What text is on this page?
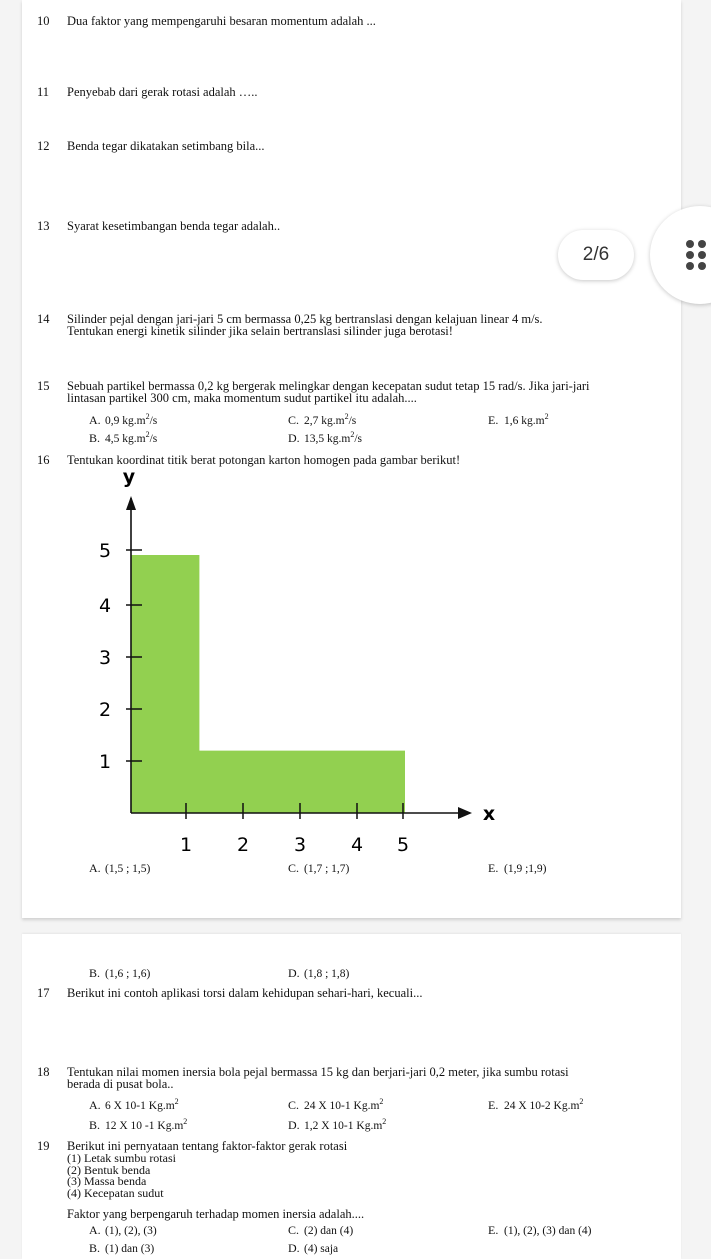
10 Dua faktor yang mempengaruhi besaran momentum adalah ...
11 Penyebab dari gerak rotasi adalah …..
12 Benda tegar dikatakan setimbang bila...
13 Syarat kesetimbangan benda tegar adalah..
2/6
14 Silinder pejal dengan jari-jari 5 cm bermassa 0,25 kg bertranslasi dengan kelajuan linear 4 m/s.
Tentukan energi kinetik silinder jika selain bertranslasi silinder juga berotasi!
15 Sebuah partikel bermassa 0,2 kg bergerak melingkar dengan kecepatan sudut tetap 15 rad/s. Jika jari-jari
lintasan partikel 300 cm, maka momentum sudut partikel itu adalah....
A. 0,9 $kg.m^2/s$
B. 4,5 $kg.m^2/s$
C. 2,7 $kg.m^2/s$
D. 13,5 $kg.m^2/s$
E. 1,6 $kg.m^2$
16 Tentukan koordinat titik berat potongan karton homogen pada gambar berikut!
y
x
1
2
3
4
5
1 2 3 4 5
A. (1,5 ; 1,5)	C. (1,7 ; 1,7)	E. (1,9 ;1,9)
B. (1,6 ; 1,6)	D. (1,8 ; 1,8)
17 Berikut ini contoh aplikasi torsi dalam kehidupan sehari-hari, kecuali...
18 Tentukan nilai momen inersia bola pejal bermassa 15 kg dan berjari-jari 0,2 meter, jika sumbu rotasi
berada di pusat bola..
A. 6 X 10-1 $Kg.m^2$
B. 12 X 10 -1 $Kg.m^2$
C. 24 X 10-1 $Kg.m^2$
D. 1,2 X 10-1 $Kg.m^2$
E. 24 X 10-2 $Kg.m^2$
19 Berikut ini pernyataan tentang faktor-faktor gerak rotasi
(1) Letak sumbu rotasi
(2) Bentuk benda
(3) Massa benda
(4) Kecepatan sudut
Faktor yang berpengaruh terhadap momen inersia adalah....
A. (1), (2), (3)
B. (1) dan (3)
C. (2) dan (4)
D. (4) saja
E. (1), (2), (3) dan (4)
